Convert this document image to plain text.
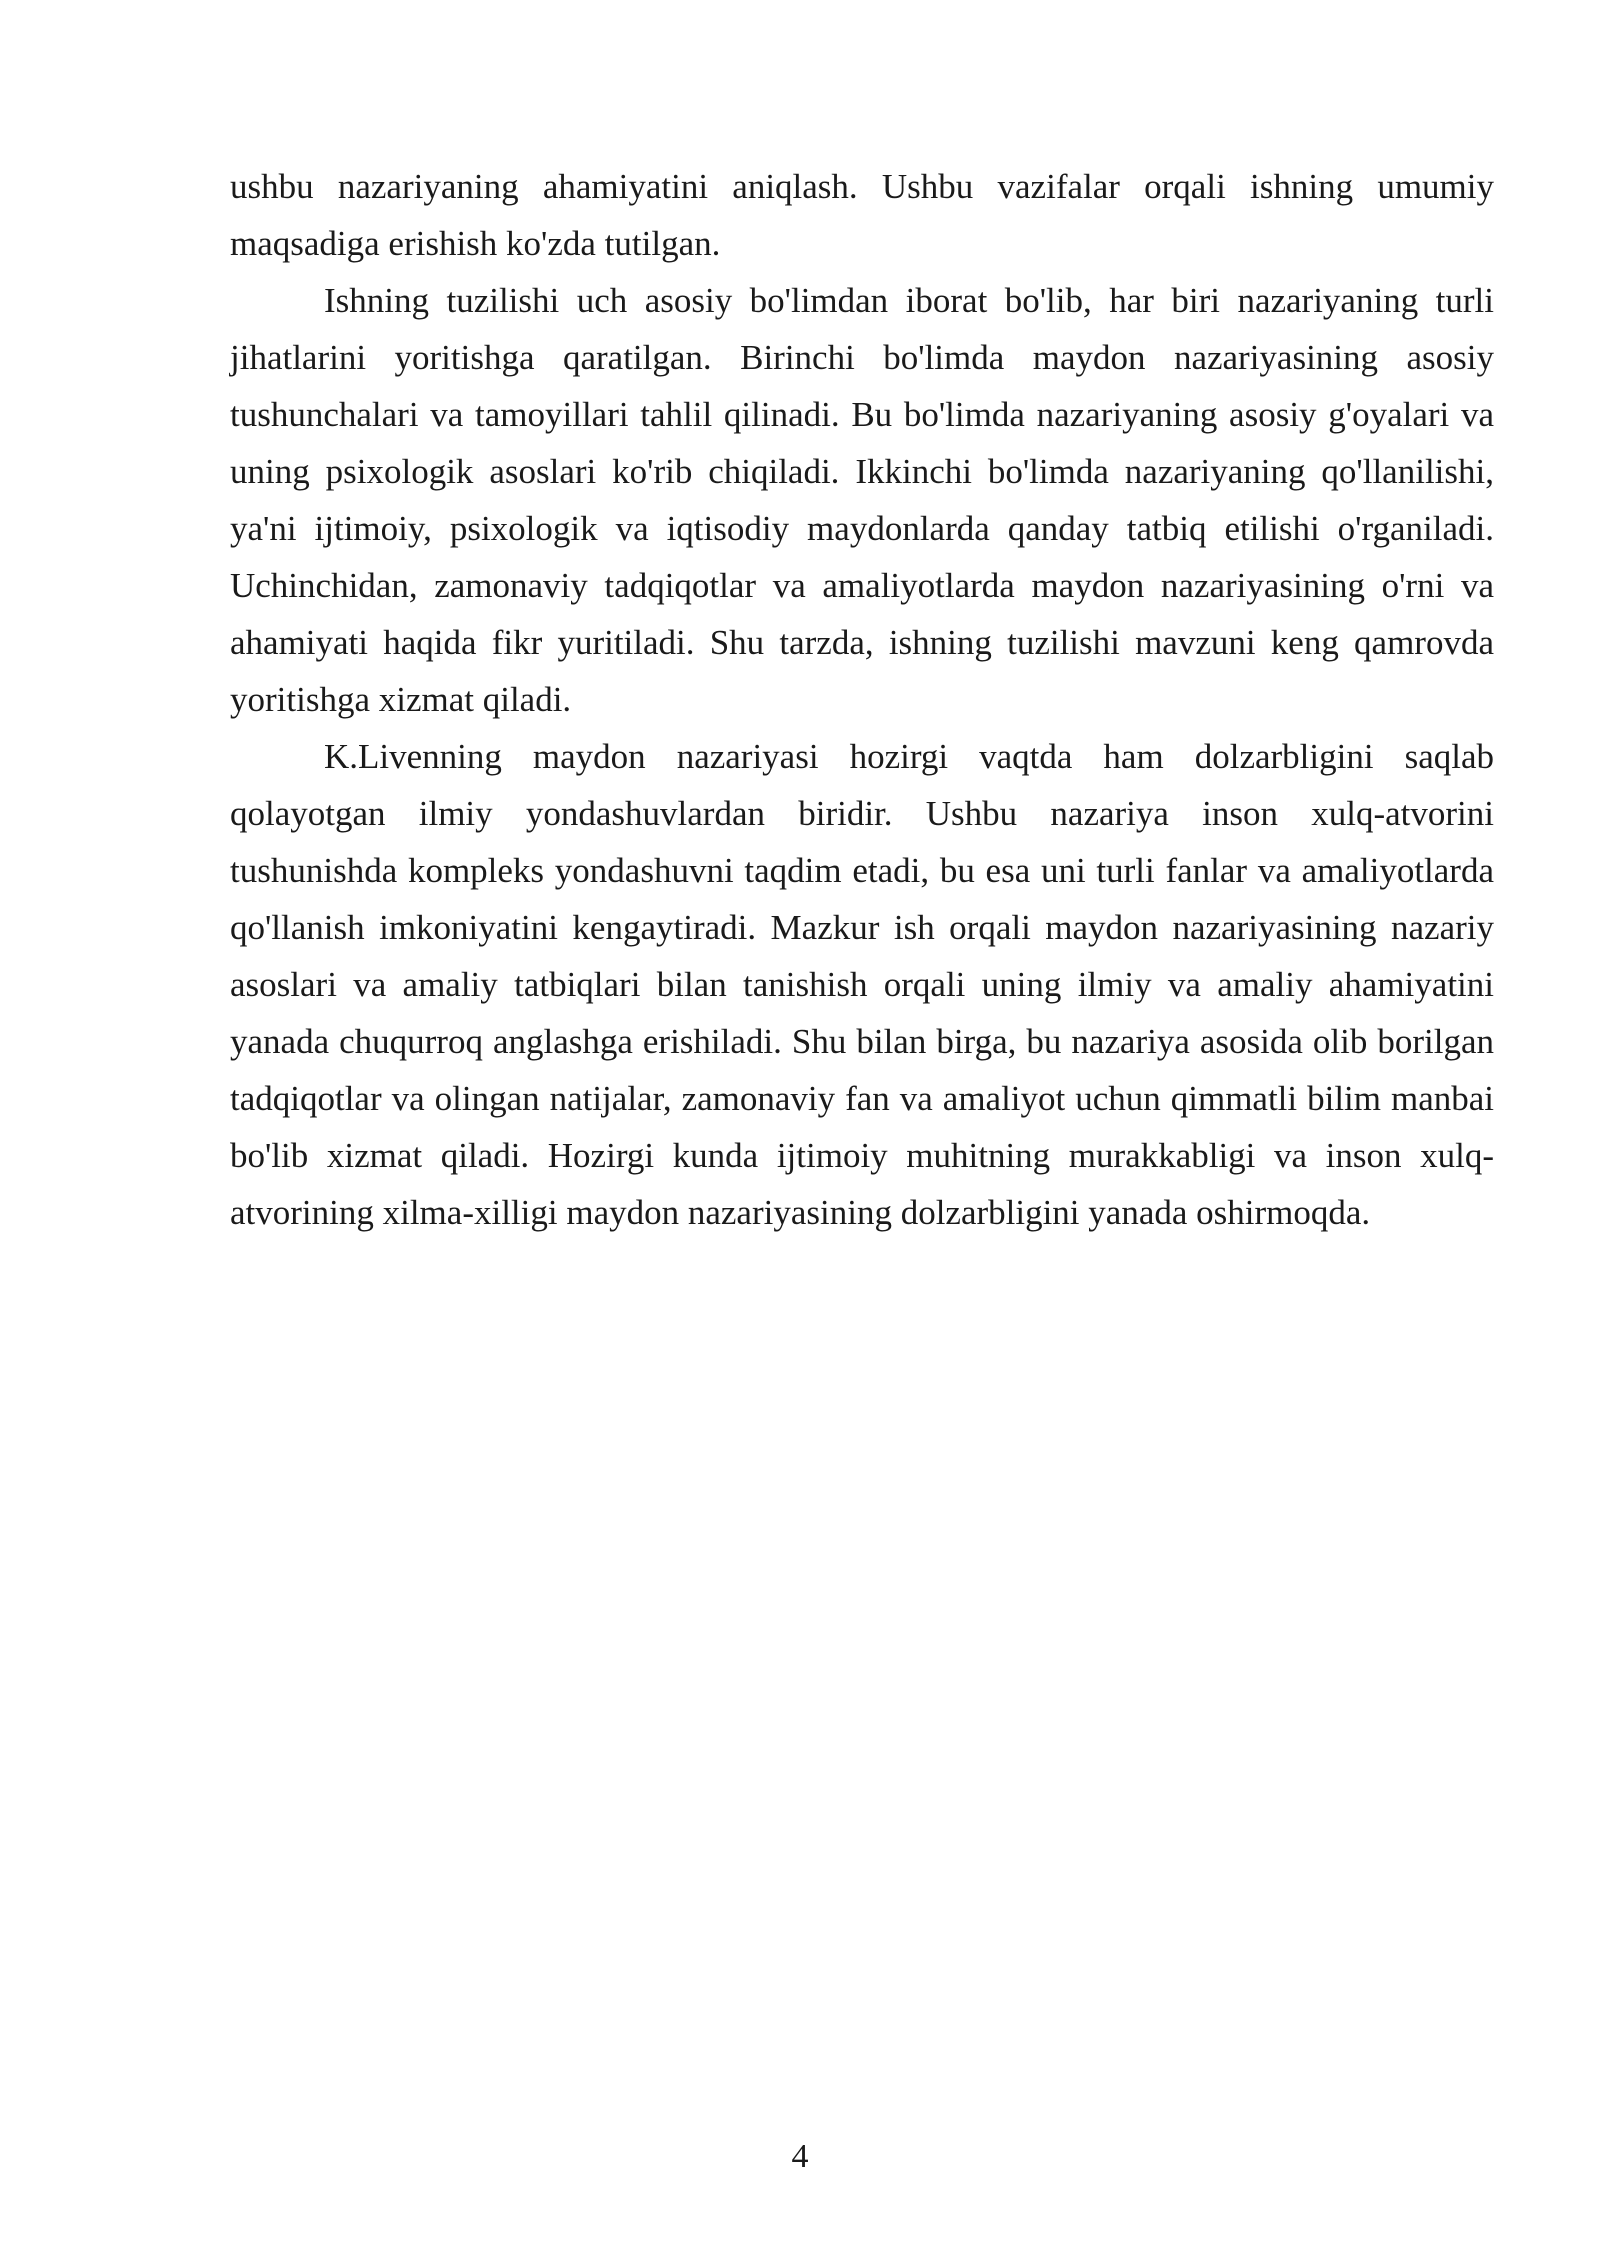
ushbu nazariyaning ahamiyatini aniqlash. Ushbu vazifalar orqali ishning umumiy maqsadiga erishish ko'zda tutilgan.

Ishning tuzilishi uch asosiy bo'limdan iborat bo'lib, har biri nazariyaning turli jihatlarini yoritishga qaratilgan. Birinchi bo'limda maydon nazariyasining asosiy tushunchalari va tamoyillari tahlil qilinadi. Bu bo'limda nazariyaning asosiy g'oyalari va uning psixologik asoslari ko'rib chiqiladi. Ikkinchi bo'limda nazariyaning qo'llanilishi, ya'ni ijtimoiy, psixologik va iqtisodiy maydonlarda qanday tatbiq etilishi o'rganiladi. Uchinchidan, zamonaviy tadqiqotlar va amaliyotlarda maydon nazariyasining o'rni va ahamiyati haqida fikr yuritiladi. Shu tarzda, ishning tuzilishi mavzuni keng qamrovda yoritishga xizmat qiladi.

K.Livenning maydon nazariyasi hozirgi vaqtda ham dolzarbligini saqlab qolayotgan ilmiy yondashuvlardan biridir. Ushbu nazariya inson xulq-atvorini tushunishda kompleks yondashuvni taqdim etadi, bu esa uni turli fanlar va amaliyotlarda qo'llanish imkoniyatini kengaytiradi. Mazkur ish orqali maydon nazariyasining nazariy asoslari va amaliy tatbiqlari bilan tanishish orqali uning ilmiy va amaliy ahamiyatini yanada chuqurroq anglashga erishiladi. Shu bilan birga, bu nazariya asosida olib borilgan tadqiqotlar va olingan natijalar, zamonaviy fan va amaliyot uchun qimmatli bilim manbai bo'lib xizmat qiladi. Hozirgi kunda ijtimoiy muhitning murakkabligi va inson xulq-atvorining xilma-xilligi maydon nazariyasining dolzarbligini yanada oshirmoqda.

4
